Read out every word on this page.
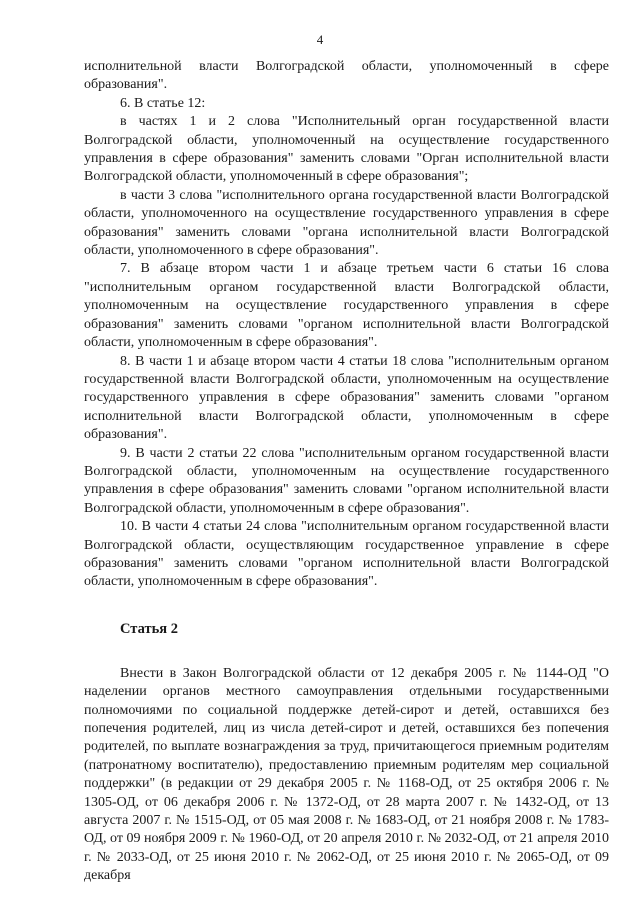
4

исполнительной власти Волгоградской области, уполномоченный в сфере образования".

6. В статье 12:

в частях 1 и 2 слова "Исполнительный орган государственной власти Волгоградской области, уполномоченный на осуществление государственного управления в сфере образования" заменить словами "Орган исполнительной власти Волгоградской области, уполномоченный в сфере образования";

в части 3 слова "исполнительного органа государственной власти Волгоградской области, уполномоченного на осуществление государственного управления в сфере образования" заменить словами "органа исполнительной власти Волгоградской области, уполномоченного в сфере образования".

7. В абзаце втором части 1 и абзаце третьем части 6 статьи 16 слова "исполнительным органом государственной власти Волгоградской области, уполномоченным на осуществление государственного управления в сфере образования" заменить словами "органом исполнительной власти Волгоградской области, уполномоченным в сфере образования".

8. В части 1 и абзаце втором части 4 статьи 18 слова "исполнительным органом государственной власти Волгоградской области, уполномоченным на осуществление государственного управления в сфере образования" заменить словами "органом исполнительной власти Волгоградской области, уполномоченным в сфере образования".

9. В части 2 статьи 22 слова "исполнительным органом государственной власти Волгоградской области, уполномоченным на осуществление государственного управления в сфере образования" заменить словами "органом исполнительной власти Волгоградской области, уполномоченным в сфере образования".

10. В части 4 статьи 24 слова "исполнительным органом государственной власти Волгоградской области, осуществляющим государственное управление в сфере образования" заменить словами "органом исполнительной власти Волгоградской области, уполномоченным в сфере образования".

Статья 2

Внести в Закон Волгоградской области от 12 декабря 2005 г. № 1144-ОД "О наделении органов местного самоуправления отдельными государственными полномочиями по социальной поддержке детей-сирот и детей, оставшихся без попечения родителей, лиц из числа детей-сирот и детей, оставшихся без попечения родителей, по выплате вознаграждения за труд, причитающегося приемным родителям (патронатному воспитателю), предоставлению приемным родителям мер социальной поддержки" (в редакции от 29 декабря 2005 г. № 1168-ОД, от 25 октября 2006 г. № 1305-ОД, от 06 декабря 2006 г. № 1372-ОД, от 28 марта 2007 г. № 1432-ОД, от 13 августа 2007 г. № 1515-ОД, от 05 мая 2008 г. № 1683-ОД, от 21 ноября 2008 г. № 1783-ОД, от 09 ноября 2009 г. № 1960-ОД, от 20 апреля 2010 г. № 2032-ОД, от 21 апреля 2010 г. № 2033-ОД, от 25 июня 2010 г. № 2062-ОД, от 25 июня 2010 г. № 2065-ОД, от 09 декабря
